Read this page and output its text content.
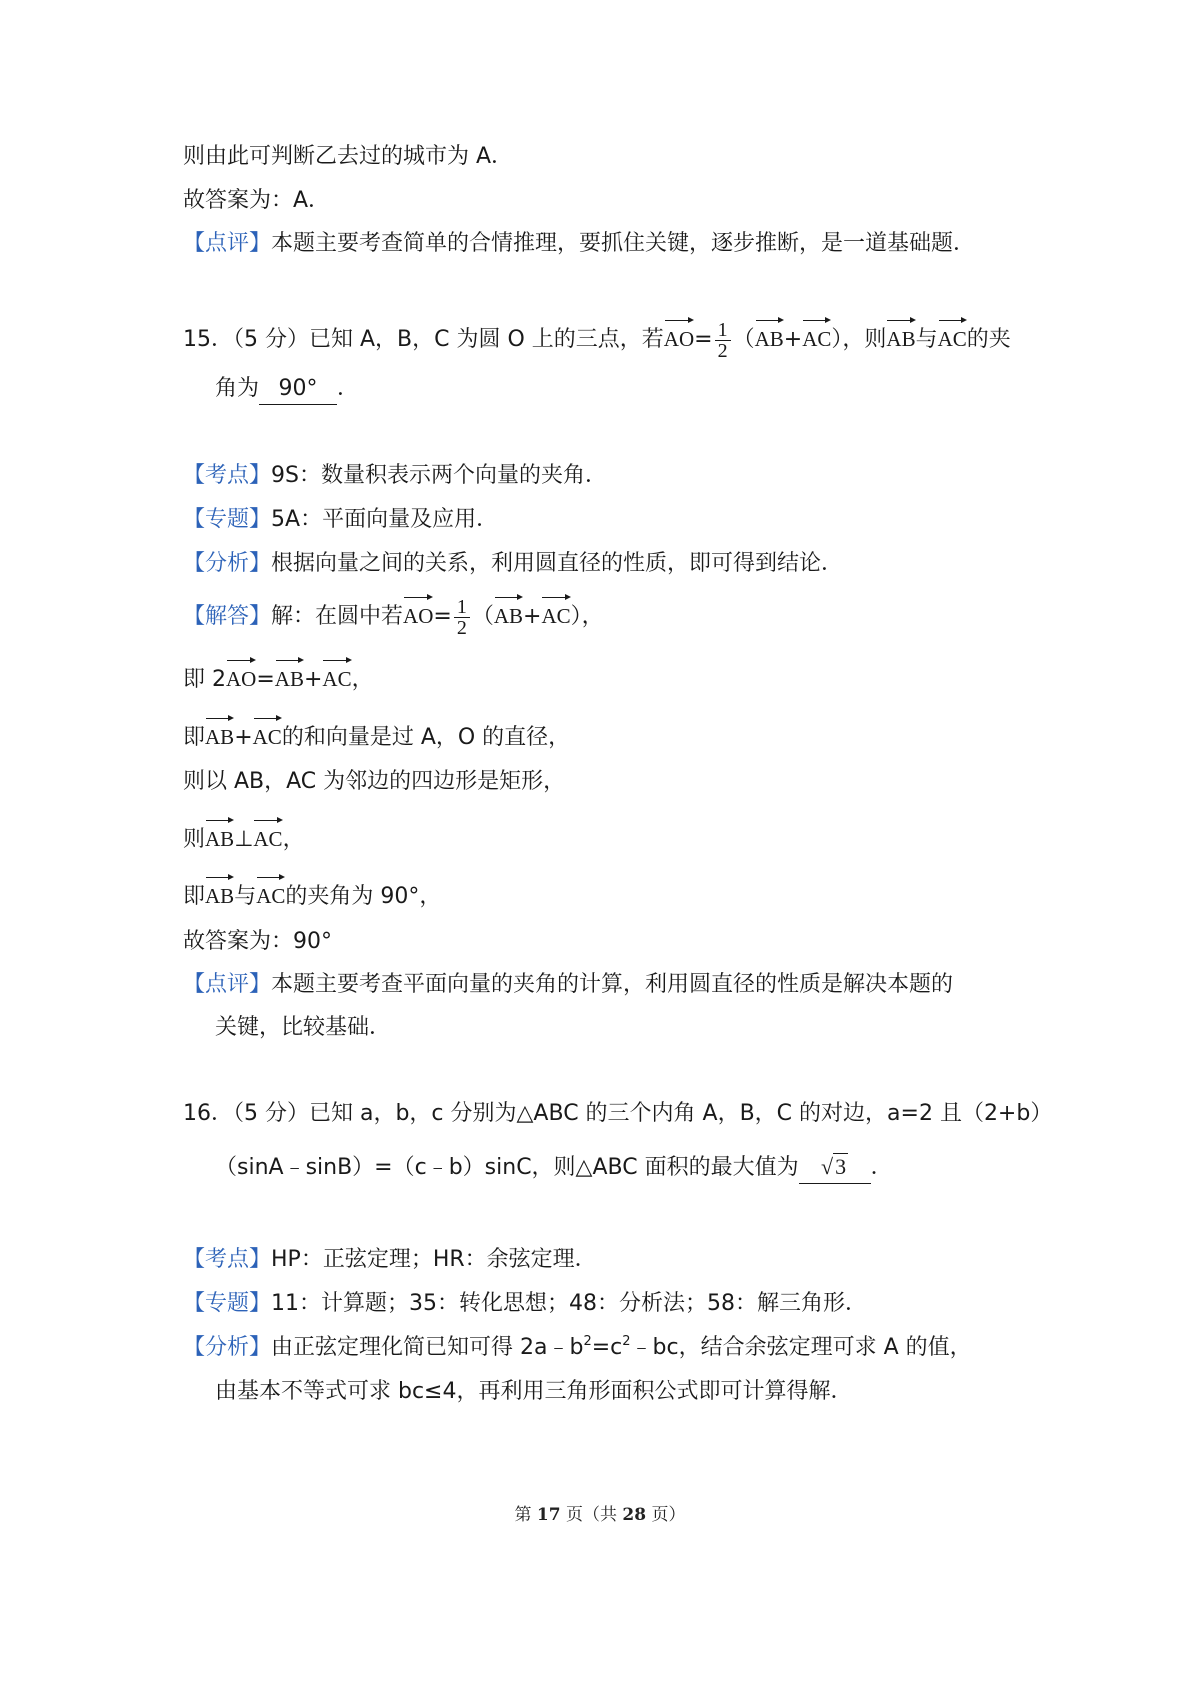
则由此可判断乙去过的城市为 A．
故答案为：A．
【点评】本题主要考查简单的合情推理，要抓住关键，逐步推断，是一道基础题．
15．（5 分）已知 A，B，C 为圆 O 上的三点，若$AO= \frac{1}{2} (AB+AC)$，则AB与AC的夹
角为 90° ．
【考点】9S：数量积表示两个向量的夹角．
【专题】5A：平面向量及应用．
【分析】根据向量之间的关系，利用圆直径的性质，即可得到结论．
【解答】解：在圆中若$AO= \frac{1}{2} (AB+AC)$，
即 2AO=AB+AC，
即AB+AC的和向量是过 A，O 的直径，
则以 AB，AC 为邻边的四边形是矩形，
则AB⊥AC，
即AB与AC的夹角为 90°，
故答案为：90°
【点评】本题主要考查平面向量的夹角的计算，利用圆直径的性质是解决本题的
关键，比较基础．
16．（5 分）已知 a，b，c 分别为△ABC 的三个内角 A，B，C 的对边，a=2 且（2+b）
（sinA﹣sinB）=（c﹣b）sinC，则△ABC 面积的最大值为 √3 ．
【考点】HP：正弦定理；HR：余弦定理．
【专题】11：计算题；35：转化思想；48：分析法；58：解三角形．
【分析】由正弦定理化简已知可得 $2a﹣b^2=c^2﹣bc$，结合余弦定理可求 A 的值，
由基本不等式可求 bc≤4，再利用三角形面积公式即可计算得解．
第 17 页（共 28 页）
